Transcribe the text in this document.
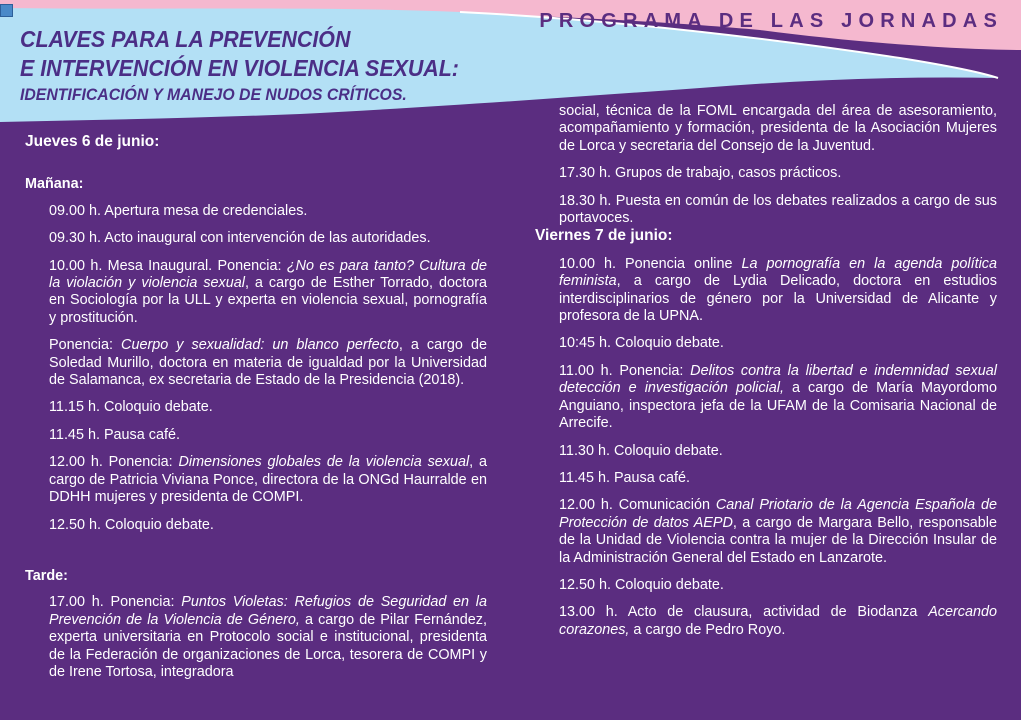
PROGRAMA DE LAS JORNADAS
CLAVES PARA LA PREVENCIÓN
E INTERVENCIÓN EN VIOLENCIA SEXUAL:
IDENTIFICACIÓN Y MANEJO DE NUDOS CRÍTICOS.
Jueves 6 de junio:
Mañana:
09.00 h. Apertura mesa de credenciales.
09.30 h. Acto inaugural con intervención de las autoridades.
10.00 h. Mesa Inaugural. Ponencia: ¿No es para tanto? Cultura de la violación y violencia sexual, a cargo de Esther Torrado, doctora en Sociología por la ULL y experta en violencia sexual, pornografía y prostitución.
Ponencia: Cuerpo y sexualidad: un blanco perfecto, a cargo de Soledad Murillo, doctora en materia de igualdad por la Universidad de Salamanca, ex secretaria de Estado de la Presidencia (2018).
11.15 h. Coloquio debate.
11.45 h. Pausa café.
12.00 h. Ponencia: Dimensiones globales de la violencia sexual, a cargo de Patricia Viviana Ponce, directora de la ONGd Haurralde en DDHH mujeres y presidenta de COMPI.
12.50 h. Coloquio debate.
Tarde:
17.00 h. Ponencia: Puntos Violetas: Refugios de Seguridad en la Prevención de la Violencia de Género, a cargo de Pilar Fernández, experta universitaria en Protocolo social e institucional, presidenta de la Federación de organizaciones de Lorca, tesorera de COMPI y de Irene Tortosa, integradora
social, técnica de la FOML encargada del área de asesoramiento, acompañamiento y formación, presidenta de la Asociación Mujeres de Lorca y secretaria del Consejo de la Juventud.
17.30 h. Grupos de trabajo, casos prácticos.
18.30 h. Puesta en común de los debates realizados a cargo de sus portavoces.
Viernes 7 de junio:
10.00 h. Ponencia online La pornografía en la agenda política feminista, a cargo de Lydia Delicado, doctora en estudios interdisciplinarios de género por la Universidad de Alicante y profesora de la UPNA.
10:45 h. Coloquio debate.
11.00 h. Ponencia: Delitos contra la libertad e indemnidad sexual detección e investigación policial, a cargo de María Mayordomo Anguiano, inspectora jefa de la UFAM de la Comisaria Nacional de Arrecife.
11.30 h. Coloquio debate.
11.45 h. Pausa café.
12.00 h. Comunicación Canal Priotario de la Agencia Española de Protección de datos AEPD, a cargo de Margara Bello, responsable de la Unidad de Violencia contra la mujer de la Dirección Insular de la Administración General del Estado en Lanzarote.
12.50 h. Coloquio debate.
13.00 h. Acto de clausura, actividad de Biodanza Acercando corazones, a cargo de Pedro Royo.
